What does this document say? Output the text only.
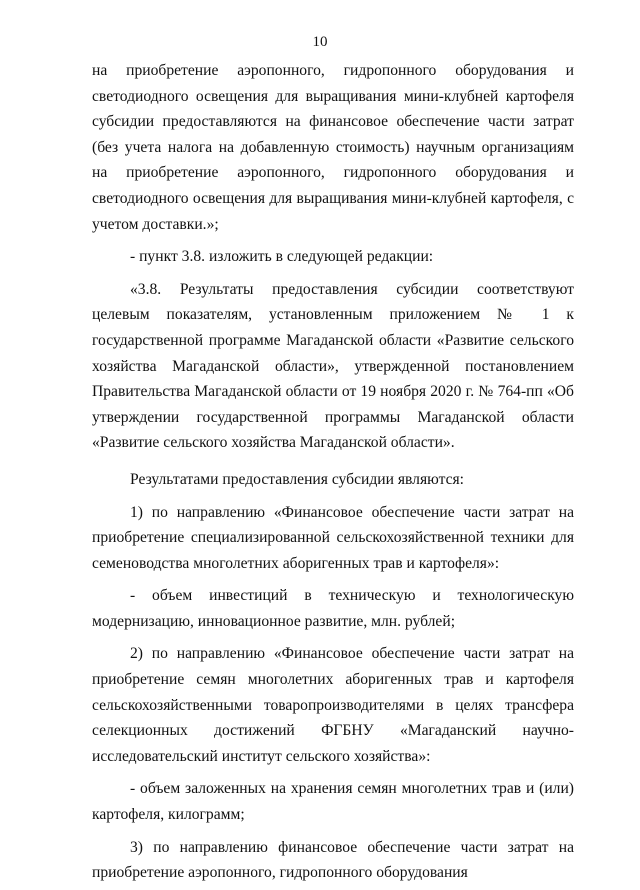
10

на приобретение аэропонного, гидропонного оборудования и светодиодного освещения для выращивания мини-клубней картофеля субсидии предоставляются на финансовое обеспечение части затрат (без учета налога на добавленную стоимость) научным организациям на приобретение аэропонного, гидропонного оборудования и светодиодного освещения для выращивания мини-клубней картофеля, с учетом доставки.»;

- пункт 3.8. изложить в следующей редакции:

«3.8. Результаты предоставления субсидии соответствуют целевым показателям, установленным приложением № 1 к государственной программе Магаданской области «Развитие сельского хозяйства Магаданской области», утвержденной постановлением Правительства Магаданской области от 19 ноября 2020 г. № 764-пп «Об утверждении государственной программы Магаданской области «Развитие сельского хозяйства Магаданской области».

Результатами предоставления субсидии являются:

1) по направлению «Финансовое обеспечение части затрат на приобретение специализированной сельскохозяйственной техники для семеноводства многолетних аборигенных трав и картофеля»:

- объем инвестиций в техническую и технологическую модернизацию, инновационное развитие, млн. рублей;

2) по направлению «Финансовое обеспечение части затрат на приобретение семян многолетних аборигенных трав и картофеля сельскохозяйственными товаропроизводителями в целях трансфера селекционных достижений ФГБНУ «Магаданский научно-исследовательский институт сельского хозяйства»:

- объем заложенных на хранения семян многолетних трав и (или) картофеля, килограмм;

3) по направлению финансовое обеспечение части затрат на приобретение аэропонного, гидропонного оборудования
